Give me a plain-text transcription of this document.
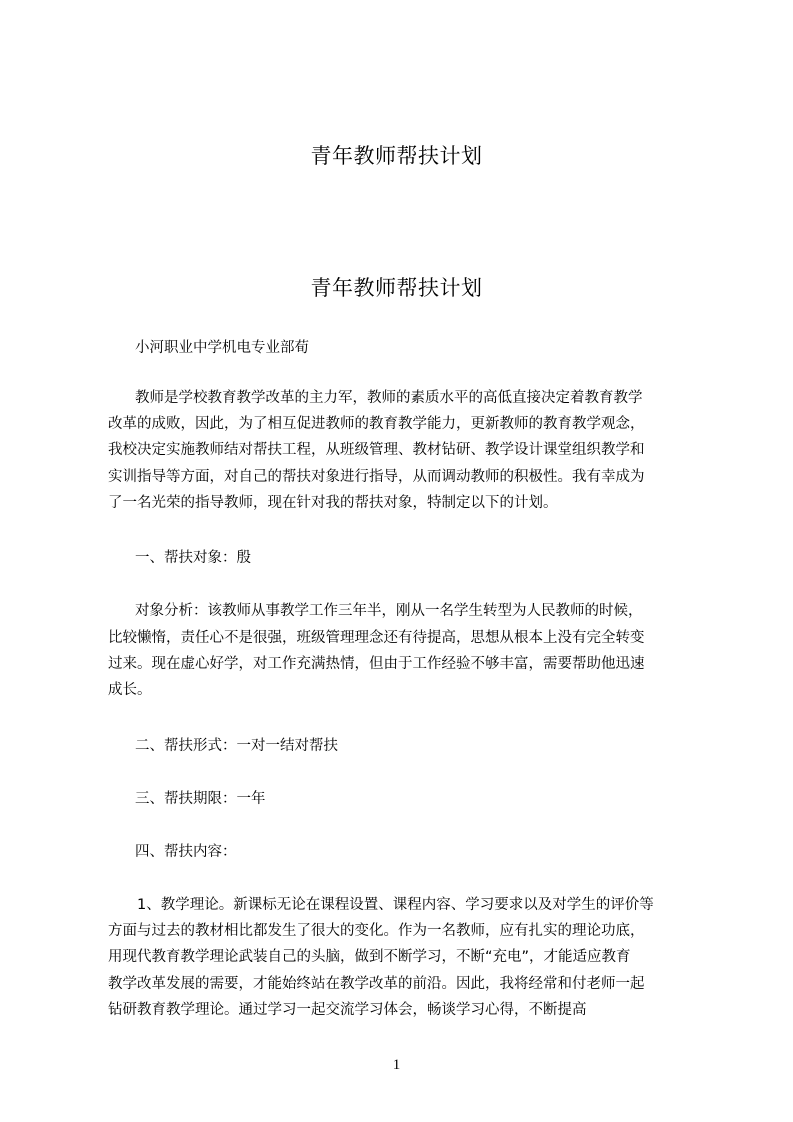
青年教师帮扶计划
青年教师帮扶计划
小河职业中学机电专业部荀
教师是学校教育教学改革的主力军，教师的素质水平的高低直接决定着教育教学
改革的成败，因此，为了相互促进教师的教育教学能力，更新教师的教育教学观念，
我校决定实施教师结对帮扶工程，从班级管理、教材钻研、教学设计课堂组织教学和
实训指导等方面，对自己的帮扶对象进行指导，从而调动教师的积极性。我有幸成为
了一名光荣的指导教师，现在针对我的帮扶对象，特制定以下的计划。
一、帮扶对象：殷
对象分析：该教师从事教学工作三年半，刚从一名学生转型为人民教师的时候，
比较懒惰，责任心不是很强，班级管理理念还有待提高，思想从根本上没有完全转变
过来。现在虚心好学，对工作充满热情，但由于工作经验不够丰富，需要帮助他迅速
成长。
二、帮扶形式：一对一结对帮扶
三、帮扶期限：一年
四、帮扶内容：
1、教学理论。新课标无论在课程设置、课程内容、学习要求以及对学生的评价等
方面与过去的教材相比都发生了很大的变化。作为一名教师，应有扎实的理论功底，
用现代教育教学理论武装自己的头脑，做到不断学习，不断“充电”，才能适应教育
教学改革发展的需要，才能始终站在教学改革的前沿。因此，我将经常和付老师一起
钻研教育教学理论。通过学习一起交流学习体会，畅谈学习心得，不断提高
1
